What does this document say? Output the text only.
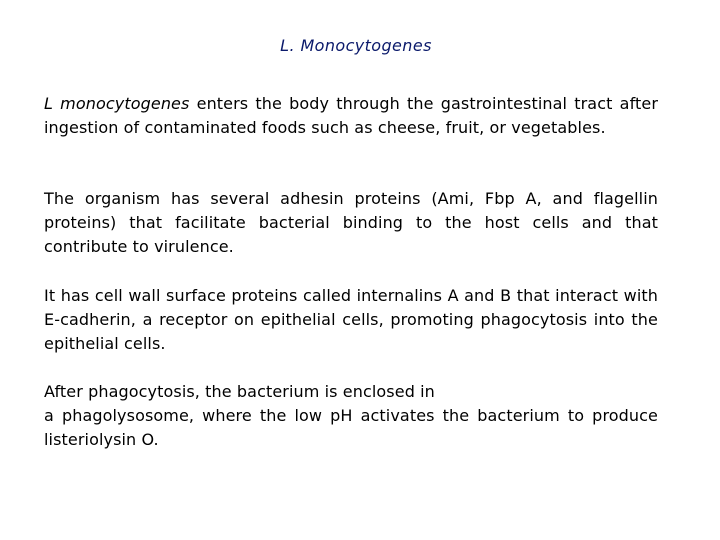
L. Monocytogenes
L monocytogenes enters the body through the gastrointestinal tract after ingestion of contaminated foods such as cheese, fruit, or vegetables.
The organism has several adhesin proteins (Ami, Fbp A, and flagellin proteins) that facilitate bacterial binding to the host cells and that contribute to virulence.
It has cell wall surface proteins called internalins A and B that interact with E-cadherin, a receptor on epithelial cells, promoting phagocytosis into the epithelial cells.
After phagocytosis, the bacterium is enclosed in
a phagolysosome, where the low pH activates the bacterium to produce listeriolysin O.
